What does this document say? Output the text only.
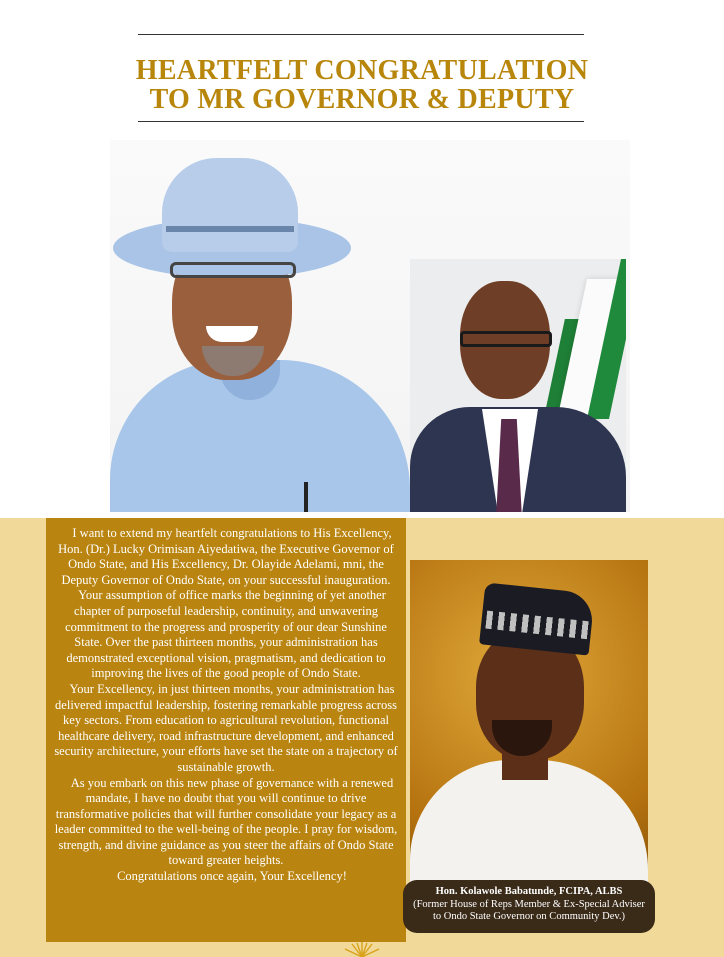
HEARTFELT CONGRATULATION
TO MR GOVERNOR & DEPUTY

I want to extend my heartfelt congratulations to His Excellency, Hon. (Dr.) Lucky Orimisan Aiyedatiwa, the Executive Governor of Ondo State, and His Excellency, Dr. Olayide Adelami, mni, the Deputy Governor of Ondo State, on your successful inauguration.

Your assumption of office marks the beginning of yet another chapter of purposeful leadership, continuity, and unwavering commitment to the progress and prosperity of our dear Sunshine State. Over the past thirteen months, your administration has demonstrated exceptional vision, pragmatism, and dedication to improving the lives of the good people of Ondo State.

Your Excellency, in just thirteen months, your administration has delivered impactful leadership, fostering remarkable progress across key sectors. From education to agricultural revolution, functional healthcare delivery, road infrastructure development, and enhanced security architecture, your efforts have set the state on a trajectory of sustainable growth.

As you embark on this new phase of governance with a renewed mandate, I have no doubt that you will continue to drive transformative policies that will further consolidate your legacy as a leader committed to the well-being of the people. I pray for wisdom, strength, and divine guidance as you steer the affairs of Ondo State toward greater heights.

Congratulations once again, Your Excellency!

Hon. Kolawole Babatunde, FCIPA, ALBS
(Former House of Reps Member & Ex-Special Adviser
to Ondo State Governor on Community Dev.)
